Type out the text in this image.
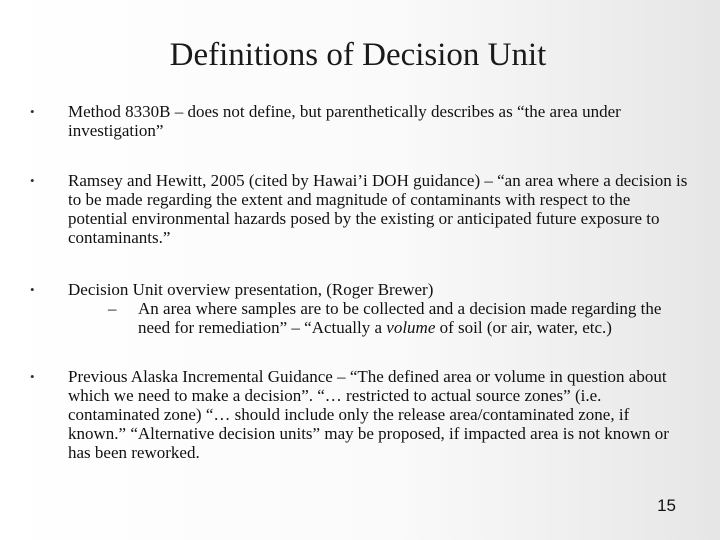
Definitions of Decision Unit
•	Method 8330B – does not define, but parenthetically describes as “the area under investigation”
•	Ramsey and Hewitt, 2005 (cited by Hawai’i DOH guidance) – “an area where a decision is to be made regarding the extent and magnitude of contaminants with respect to the potential environmental hazards posed by the existing or anticipated future exposure to contaminants.”
•	Decision Unit overview presentation, (Roger Brewer)
–	An area where samples are to be collected and a decision made regarding the need for remediation” – “Actually a volume of soil (or air, water, etc.)
•	Previous Alaska Incremental Guidance – “The defined area or volume in question about which we need to make a decision”. “… restricted to actual source zones” (i.e. contaminated zone) “… should include only the release area/contaminated zone, if known.” “Alternative decision units” may be proposed, if impacted area is not known or has been reworked.
15
